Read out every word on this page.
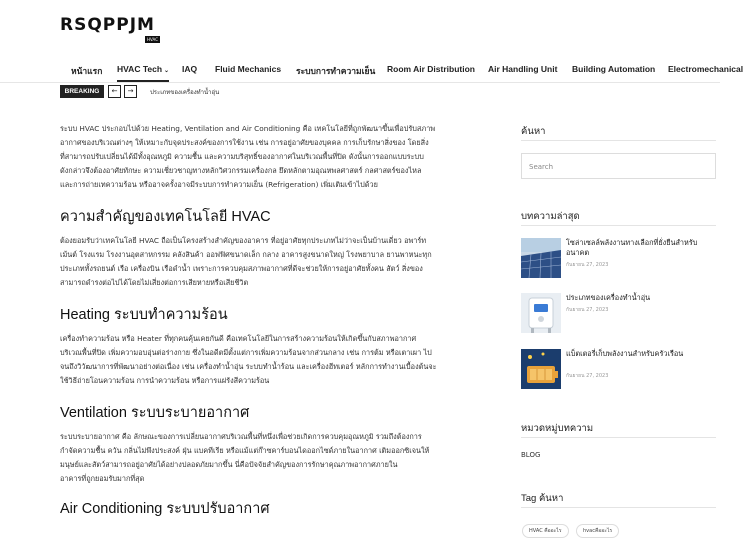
RSQPPJM
HVAC
หน้าแรก HVAC Tech ⌄ IAQ Fluid Mechanics ระบบการทำความเย็น Room Air Distribution Air Handling Unit Building Automation Electromechanical
BREAKING	←	→	ประเภทของเครื่องทำน้ำอุ่น
ระบบ HVAC ประกอบไปด้วย Heating, Ventilation and Air Conditioning คือ เทคโนโลยีที่ถูกพัฒนาขึ้นเพื่อปรับสภาพ
อากาศของบริเวณต่างๆ ให้เหมาะกับจุดประสงค์ของการใช้งาน เช่น การอยู่อาศัยของบุคคล การเก็บรักษาสิ่งของ โดยสิ่ง
ที่สามารถปรับเปลี่ยนได้มีทั้งอุณหภูมิ ความชื้น และความบริสุทธิ์ของอากาศในบริเวณพื้นที่ปิด ดังนั้นการออกแบบระบบ
ดังกล่าวจึงต้องอาศัยทักษะ ความเชี่ยวชาญทางหลักวิศวกรรมเครื่องกล ยึดหลักตามอุณหพลศาสตร์ กลศาสตร์ของไหล
และการถ่ายเทความร้อน หรืออาจครั้งอาจมีระบบการทำความเย็น (Refrigeration) เพิ่มเติมเข้าไปด้วย
ความสำคัญของเทคโนโลยี HVAC
ต้องยอมรับว่าเทคโนโลยี HVAC ถือเป็นโครงสร้างสำคัญของอาคาร ที่อยู่อาศัยทุกประเภทไม่ว่าจะเป็นบ้านเดี่ยว อพาร์ท
เม้นต์ โรงแรม โรงงานอุตสาหกรรม คลังสินค้า ออฟฟิศขนาดเล็ก กลาง อาคารสูงขนาดใหญ่ โรงพยาบาล ยานพาหนะทุก
ประเภททั้งรถยนต์ เรือ เครื่องบิน เรือดำน้ำ เพราะการควบคุมสภาพอากาศที่ดีจะช่วยให้การอยู่อาศัยทั้งคน สัตว์ สิ่งของ
สามารถดำรงต่อไปได้โดยไม่เสี่ยงต่อการเสียหายหรือเสียชีวิต
Heating ระบบทำความร้อน
เครื่องทำความร้อน หรือ Heater ที่ทุกคนคุ้นเคยกันดี คือเทคโนโลยีในการสร้างความร้อนให้เกิดขึ้นกับสภาพอากาศ
บริเวณพื้นที่ปิด เพิ่มความอบอุ่นต่อร่างกาย ซึ่งในอดีตมีตั้งแต่การเพิ่มความร้อนจากส่วนกลาง เช่น การต้ม หรือเตาเผา ไป
จนถึงวิวัฒนาการที่พัฒนาอย่างต่อเนื่อง เช่น เครื่องทำน้ำอุ่น ระบบทำน้ำร้อน และเครื่องฮีทเตอร์ หลักการทำงานเบื้องต้นจะ
ใช้วิธีถ่ายโอนความร้อน การนำความร้อน หรือการแผ่รังสีความร้อน
Ventilation ระบบระบายอากาศ
ระบบระบายอากาศ คือ ลักษณะของการเปลี่ยนอากาศบริเวณพื้นที่หนึ่งเพื่อช่วยเกิดการควบคุมอุณหภูมิ รวมถึงต้องการ
กำจัดความชื้น ควัน กลิ่นไม่พึงประสงค์ ฝุ่น แบคทีเรีย หรือแม้แต่ก๊าซคาร์บอนไดออกไซด์ภายในอากาศ เติมออกซิเจนให้
มนุษย์และสัตว์สามารถอยู่อาศัยได้อย่างปลอดภัยมากขึ้น นี่คือปัจจัยสำคัญของการรักษาคุณภาพอากาศภายใน
อาคารที่ถูกยอมรับมากที่สุด
Air Conditioning ระบบปรับอากาศ
ค้นหา
Search
บทความล่าสุด
โซล่าเซลล์พลังงานทางเลือกที่ยั่งยืนสำหรับอนาคต
กันยายน 27, 2023
ประเภทของเครื่องทำน้ำอุ่น
กันยายน 27, 2023
แบ็ตเตอรี่เก็บพลังงานสำหรับครัวเรือน
กันยายน 27, 2023
หมวดหมู่บทความ
BLOG
Tag ค้นหา
HVAC คืออะไร	hvacคืออะไร
